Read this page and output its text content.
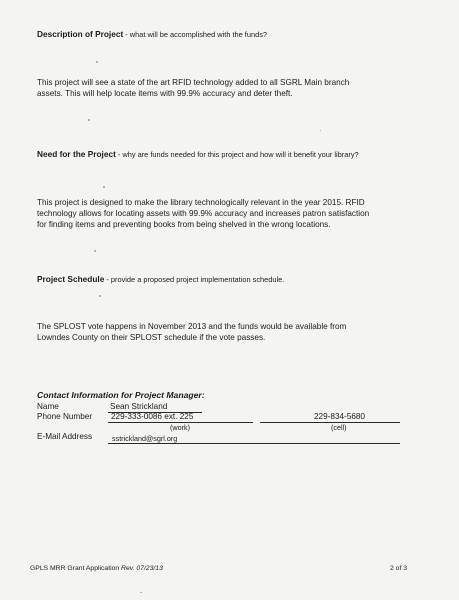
Description of Project - what will be accomplished with the funds?
This project will see a state of the art RFID technology added to all SGRL Main branch
assets. This will help locate items with 99.9% accuracy and deter theft.
Need for the Project - why are funds needed for this project and how will it benefit your library?
This project is designed to make the library technologically relevant in the year 2015. RFID
technology allows for locating assets with 99.9% accuracy and increases patron satisfaction
for finding items and preventing books from being shelved in the wrong locations.
Project Schedule - provide a proposed project implementation schedule.
The SPLOST vote happens in November 2013 and the funds would be available from
Lowndes County on their SPLOST schedule if the vote passes.
Contact Information for Project Manager:
Name	Sean Strickland
Phone Number 229-333-0086 ext. 225	229-834-5680
(work)	(cell)
E-Mail Address	sstrickland@sgrl.org
GPLS MRR Grant Application Rev. 07/23/13	2 of 3
